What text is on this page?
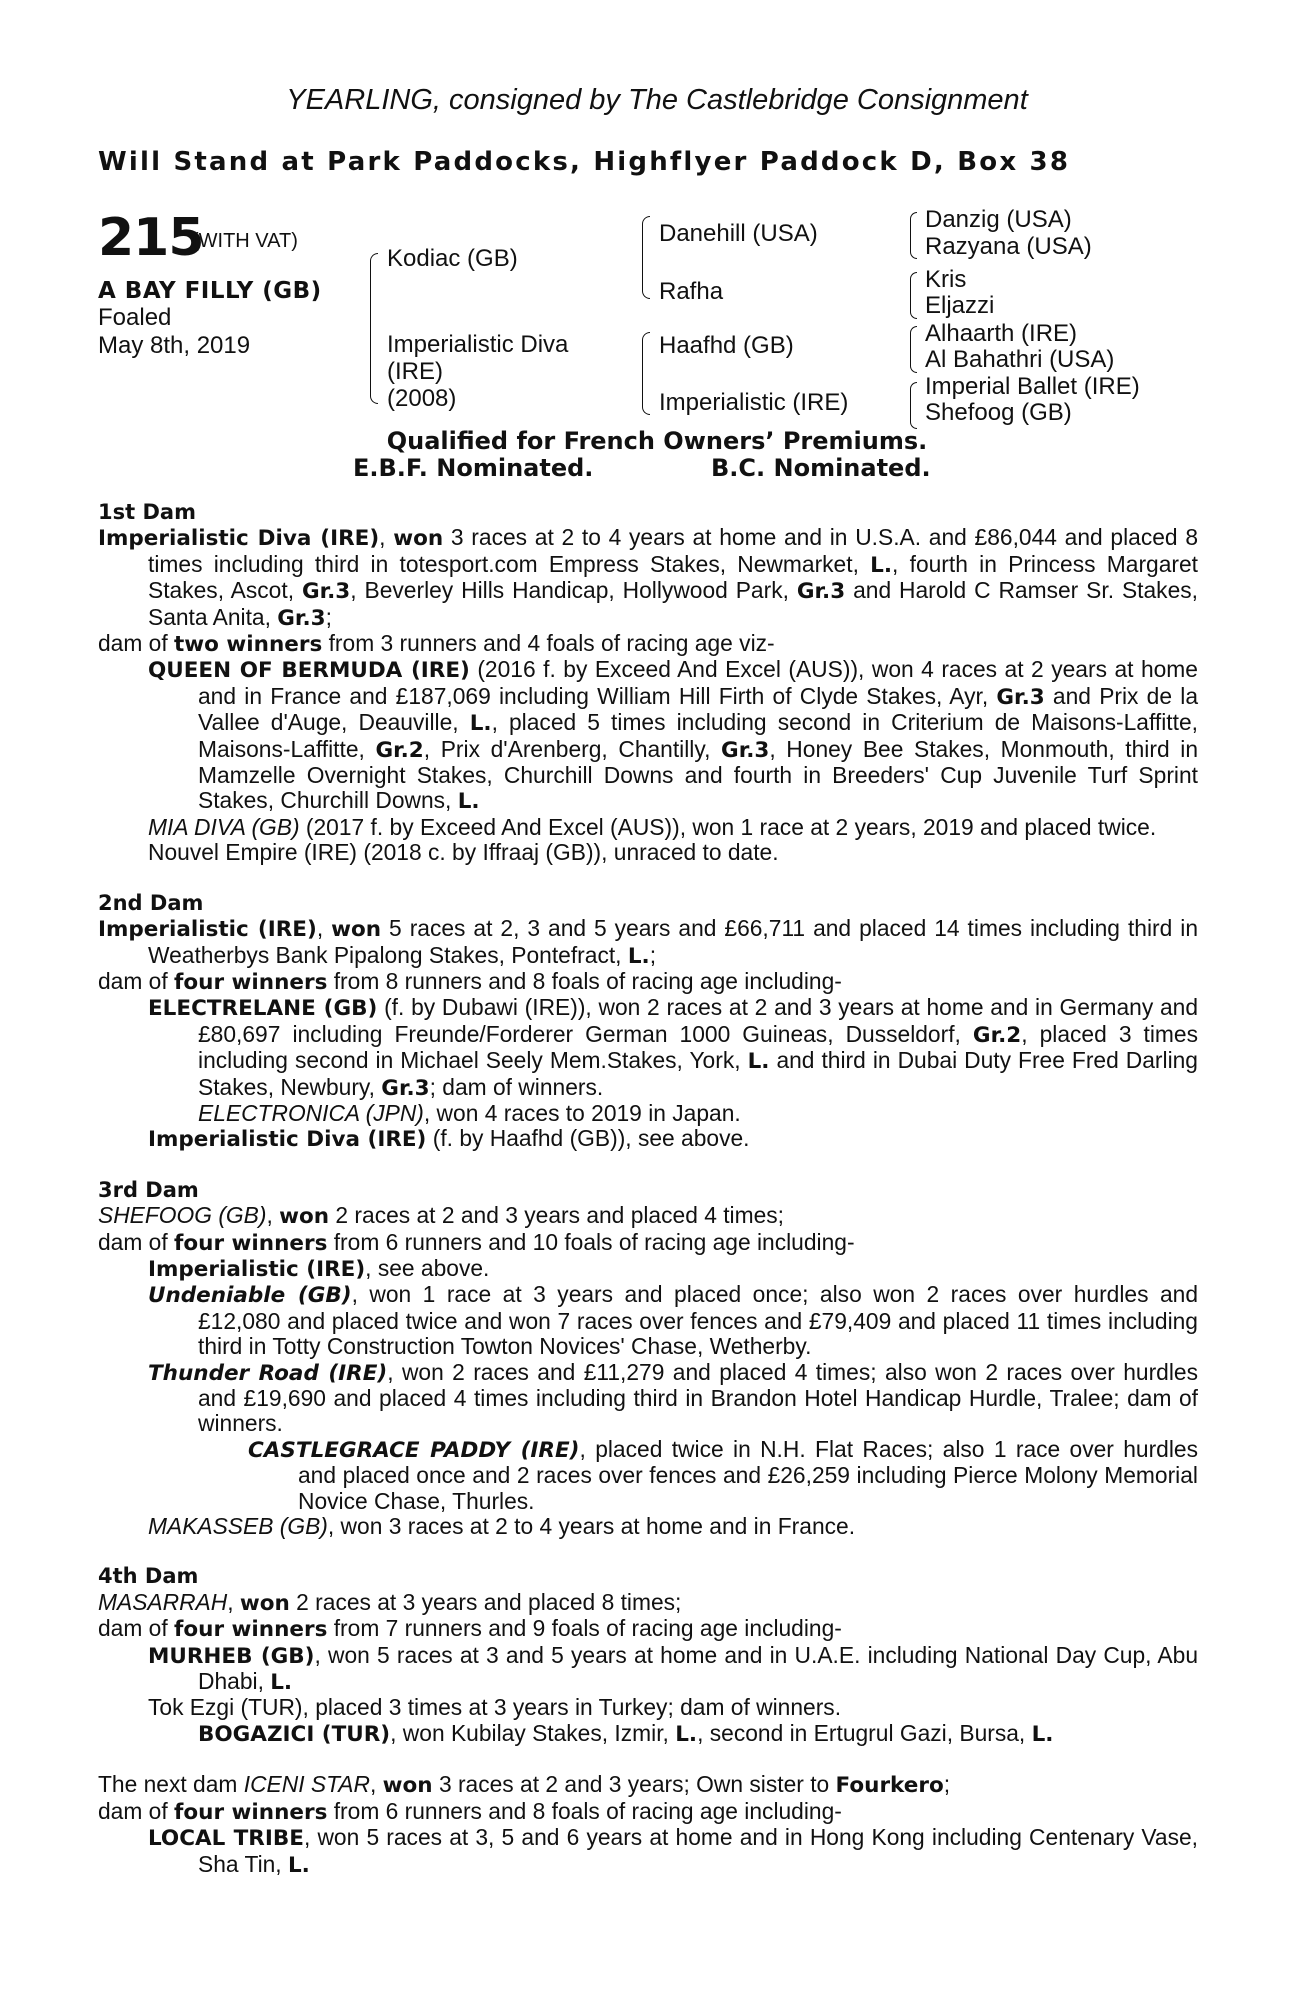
YEARLING, consigned by The Castlebridge Consignment
Will Stand at Park Paddocks, Highflyer Paddock D, Box 38
215
(WITH VAT)
A BAY FILLY (GB)
Foaled
May 8th, 2019
Kodiac (GB)
Imperialistic Diva
(IRE)
(2008)
Danehill (USA)
Rafha
Haafhd (GB)
Imperialistic (IRE)
Danzig (USA)
Razyana (USA)
Kris
Eljazzi
Alhaarth (IRE)
Al Bahathri (USA)
Imperial Ballet (IRE)
Shefoog (GB)
Qualified for French Owners’ Premiums.
E.B.F. Nominated.	B.C. Nominated.

1st Dam

Imperialistic Diva (IRE), won 3 races at 2 to 4 years at home and in U.S.A. and £86,044 and placed 8 times including third in totesport.com Empress Stakes, Newmarket, L., fourth in Princess Margaret Stakes, Ascot, Gr.3, Beverley Hills Handicap, Hollywood Park, Gr.3 and Harold C Ramser Sr. Stakes, Santa Anita, Gr.3;

dam of two winners from 3 runners and 4 foals of racing age viz-

QUEEN OF BERMUDA (IRE) (2016 f. by Exceed And Excel (AUS)), won 4 races at 2 years at home and in France and £187,069 including William Hill Firth of Clyde Stakes, Ayr, Gr.3 and Prix de la Vallee d'Auge, Deauville, L., placed 5 times including second in Criterium de Maisons-Laffitte, Maisons-Laffitte, Gr.2, Prix d'Arenberg, Chantilly, Gr.3, Honey Bee Stakes, Monmouth, third in Mamzelle Overnight Stakes, Churchill Downs and fourth in Breeders' Cup Juvenile Turf Sprint Stakes, Churchill Downs, L.

MIA DIVA (GB) (2017 f. by Exceed And Excel (AUS)), won 1 race at 2 years, 2019 and placed twice.

Nouvel Empire (IRE) (2018 c. by Iffraaj (GB)), unraced to date.

2nd Dam

Imperialistic (IRE), won 5 races at 2, 3 and 5 years and £66,711 and placed 14 times including third in Weatherbys Bank Pipalong Stakes, Pontefract, L.;

dam of four winners from 8 runners and 8 foals of racing age including-

ELECTRELANE (GB) (f. by Dubawi (IRE)), won 2 races at 2 and 3 years at home and in Germany and £80,697 including Freunde/Forderer German 1000 Guineas, Dusseldorf, Gr.2, placed 3 times including second in Michael Seely Mem.Stakes, York, L. and third in Dubai Duty Free Fred Darling Stakes, Newbury, Gr.3; dam of winners.

ELECTRONICA (JPN), won 4 races to 2019 in Japan.

Imperialistic Diva (IRE) (f. by Haafhd (GB)), see above.

3rd Dam

SHEFOOG (GB), won 2 races at 2 and 3 years and placed 4 times;

dam of four winners from 6 runners and 10 foals of racing age including-

Imperialistic (IRE), see above.

Undeniable (GB), won 1 race at 3 years and placed once; also won 2 races over hurdles and £12,080 and placed twice and won 7 races over fences and £79,409 and placed 11 times including third in Totty Construction Towton Novices' Chase, Wetherby.

Thunder Road (IRE), won 2 races and £11,279 and placed 4 times; also won 2 races over hurdles and £19,690 and placed 4 times including third in Brandon Hotel Handicap Hurdle, Tralee; dam of winners.

CASTLEGRACE PADDY (IRE), placed twice in N.H. Flat Races; also 1 race over hurdles and placed once and 2 races over fences and £26,259 including Pierce Molony Memorial Novice Chase, Thurles.

MAKASSEB (GB), won 3 races at 2 to 4 years at home and in France.

4th Dam

MASARRAH, won 2 races at 3 years and placed 8 times;

dam of four winners from 7 runners and 9 foals of racing age including-

MURHEB (GB), won 5 races at 3 and 5 years at home and in U.A.E. including National Day Cup, Abu Dhabi, L.

Tok Ezgi (TUR), placed 3 times at 3 years in Turkey; dam of winners.

BOGAZICI (TUR), won Kubilay Stakes, Izmir, L., second in Ertugrul Gazi, Bursa, L.

The next dam ICENI STAR, won 3 races at 2 and 3 years; Own sister to Fourkero;

dam of four winners from 6 runners and 8 foals of racing age including-

LOCAL TRIBE, won 5 races at 3, 5 and 6 years at home and in Hong Kong including Centenary Vase, Sha Tin, L.
